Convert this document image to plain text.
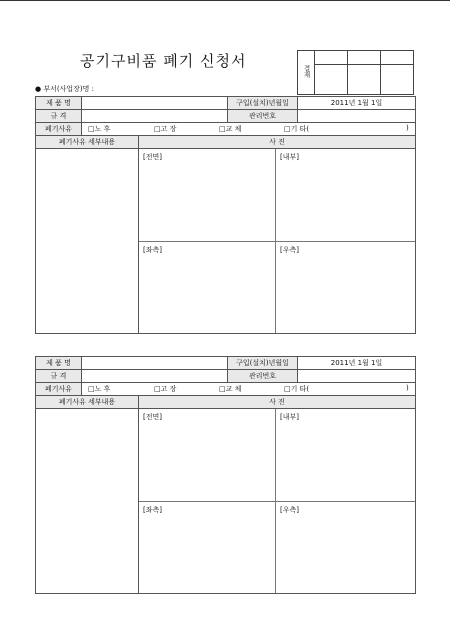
공기구비품 폐기 신청서
결재			

● 부서(사업장)명 :
제 품 명			구입(설치)년월일	2011년 1월 1일
규 격			관리번호	
폐기사유	□노 후 □고 장 □교 체 □기 타( )			

폐기사유 세부내용		사 진		

		[전면] [내부]
[좌측] [우측]		
제 품 명			구입(설치)년월일	2011년 1월 1일
규 격			관리번호	
폐기사유	□노 후 □고 장 □교 체 □기 타( )			

폐기사유 세부내용		사 진		

		[전면] [내부]
[좌측] [우측]		
